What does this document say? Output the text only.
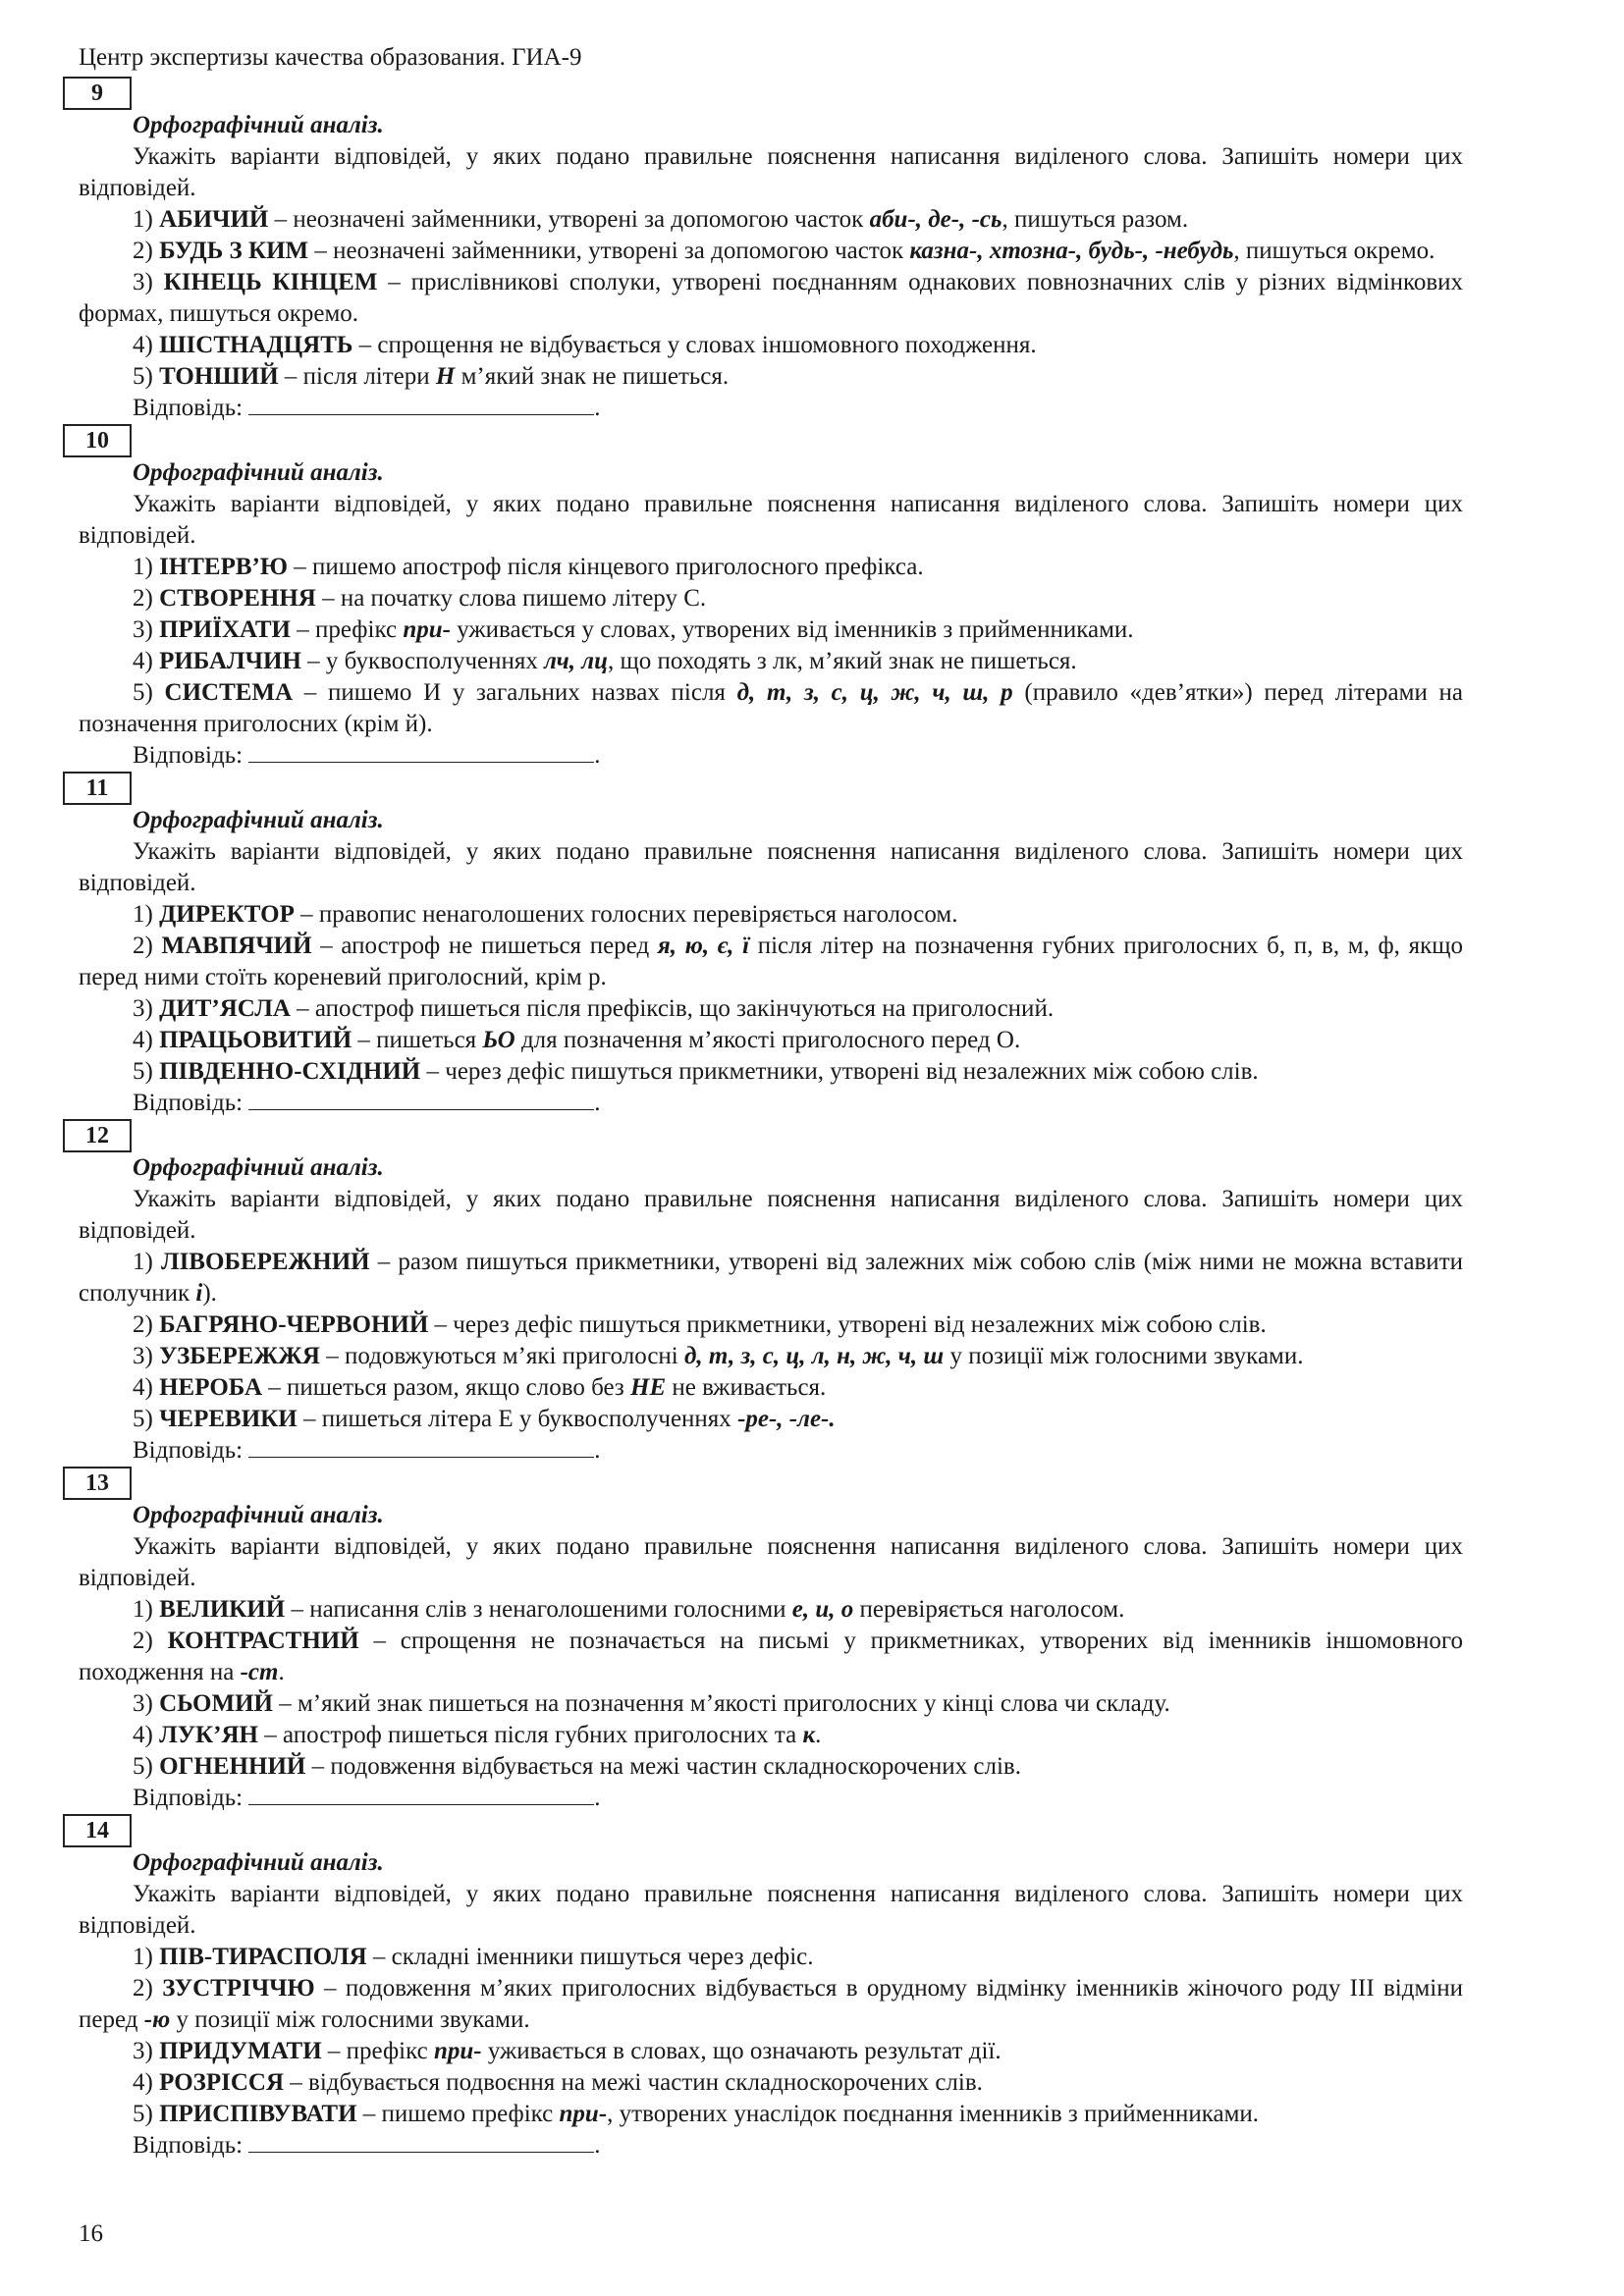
Центр экспертизы качества образования. ГИА-9
9
Орфографічний аналіз.

Укажіть варіанти відповідей, у яких подано правильне пояснення написання виділеного слова. Запишіть номери цих відповідей.

1) АБИЧИЙ – неозначені займенники, утворені за допомогою часток аби-, де-, -сь, пишуться разом.

2) БУДЬ З КИМ – неозначені займенники, утворені за допомогою часток казна-, хтозна-, будь-, -небудь, пишуться окремо.

3) КІНЕЦЬ КІНЦЕМ – прислівникові сполуки, утворені поєднанням однакових повнозначних слів у різних відмінкових формах, пишуться окремо.

4) ШІСТНАДЦЯТЬ – спрощення не відбувається у словах іншомовного походження.

5) ТОНШИЙ – після літери Н м’який знак не пишеться.

Відповідь:	.
10
Орфографічний аналіз.

Укажіть варіанти відповідей, у яких подано правильне пояснення написання виділеного слова. Запишіть номери цих відповідей.

1) ІНТЕРВ’Ю – пишемо апостроф після кінцевого приголосного префікса.

2) СТВОРЕННЯ – на початку слова пишемо літеру С.

3) ПРИЇХАТИ – префікс при- уживається у словах, утворених від іменників з прийменниками.

4) РИБАЛЧИН – у буквосполученнях лч, лц, що походять з лк, м’який знак не пишеться.

5) СИСТЕМА – пишемо И у загальних назвах після д, т, з, с, ц, ж, ч, ш, р (правило «дев’ятки») перед літерами на позначення приголосних (крім й).

Відповідь:	.
11
Орфографічний аналіз.

Укажіть варіанти відповідей, у яких подано правильне пояснення написання виділеного слова. Запишіть номери цих відповідей.

1) ДИРЕКТОР – правопис ненаголошених голосних перевіряється наголосом.

2) МАВПЯЧИЙ – апостроф не пишеться перед я, ю, є, ї після літер на позначення губних приголосних б, п, в, м, ф, якщо перед ними стоїть кореневий приголосний, крім р.

3) ДИТ’ЯСЛА – апостроф пишеться після префіксів, що закінчуються на приголосний.

4) ПРАЦЬОВИТИЙ – пишеться ЬО для позначення м’якості приголосного перед О.

5) ПІВДЕННО-СХІДНИЙ – через дефіс пишуться прикметники, утворені від незалежних між собою слів.

Відповідь:	.
12
Орфографічний аналіз.

Укажіть варіанти відповідей, у яких подано правильне пояснення написання виділеного слова. Запишіть номери цих відповідей.

1) ЛІВОБЕРЕЖНИЙ – разом пишуться прикметники, утворені від залежних між собою слів (між ними не можна вставити сполучник і).

2) БАГРЯНО-ЧЕРВОНИЙ – через дефіс пишуться прикметники, утворені від незалежних між собою слів.

3) УЗБЕРЕЖЖЯ – подовжуються м’які приголосні д, т, з, с, ц, л, н, ж, ч, ш у позиції між голосними звуками.

4) НЕРОБА – пишеться разом, якщо слово без НЕ не вживається.

5) ЧЕРЕВИКИ – пишеться літера Е у буквосполученнях -ре-, -ле-.

Відповідь:	.
13
Орфографічний аналіз.

Укажіть варіанти відповідей, у яких подано правильне пояснення написання виділеного слова. Запишіть номери цих відповідей.

1) ВЕЛИКИЙ – написання слів з ненаголошеними голосними е, и, о перевіряється наголосом.

2) КОНТРАСТНИЙ – спрощення не позначається на письмі у прикметниках, утворених від іменників іншомовного походження на -ст.

3) СЬОМИЙ – м’який знак пишеться на позначення м’якості приголосних у кінці слова чи складу.

4) ЛУК’ЯН – апостроф пишеться після губних приголосних та к.

5) ОГНЕННИЙ – подовження відбувається на межі частин складноскорочених слів.

Відповідь:	.
14
Орфографічний аналіз.

Укажіть варіанти відповідей, у яких подано правильне пояснення написання виділеного слова. Запишіть номери цих відповідей.

1) ПІВ-ТИРАСПОЛЯ – складні іменники пишуться через дефіс.

2) ЗУСТРІЧЧЮ – подовження м’яких приголосних відбувається в орудному відмінку іменників жіночого роду ІІІ відміни перед -ю у позиції між голосними звуками.

3) ПРИДУМАТИ – префікс при- уживається в словах, що означають результат дії.

4) РОЗРІССЯ – відбувається подвоєння на межі частин складноскорочених слів.

5) ПРИСПІВУВАТИ – пишемо префікс при-, утворених унаслідок поєднання іменників з прийменниками.

Відповідь:	.
16
